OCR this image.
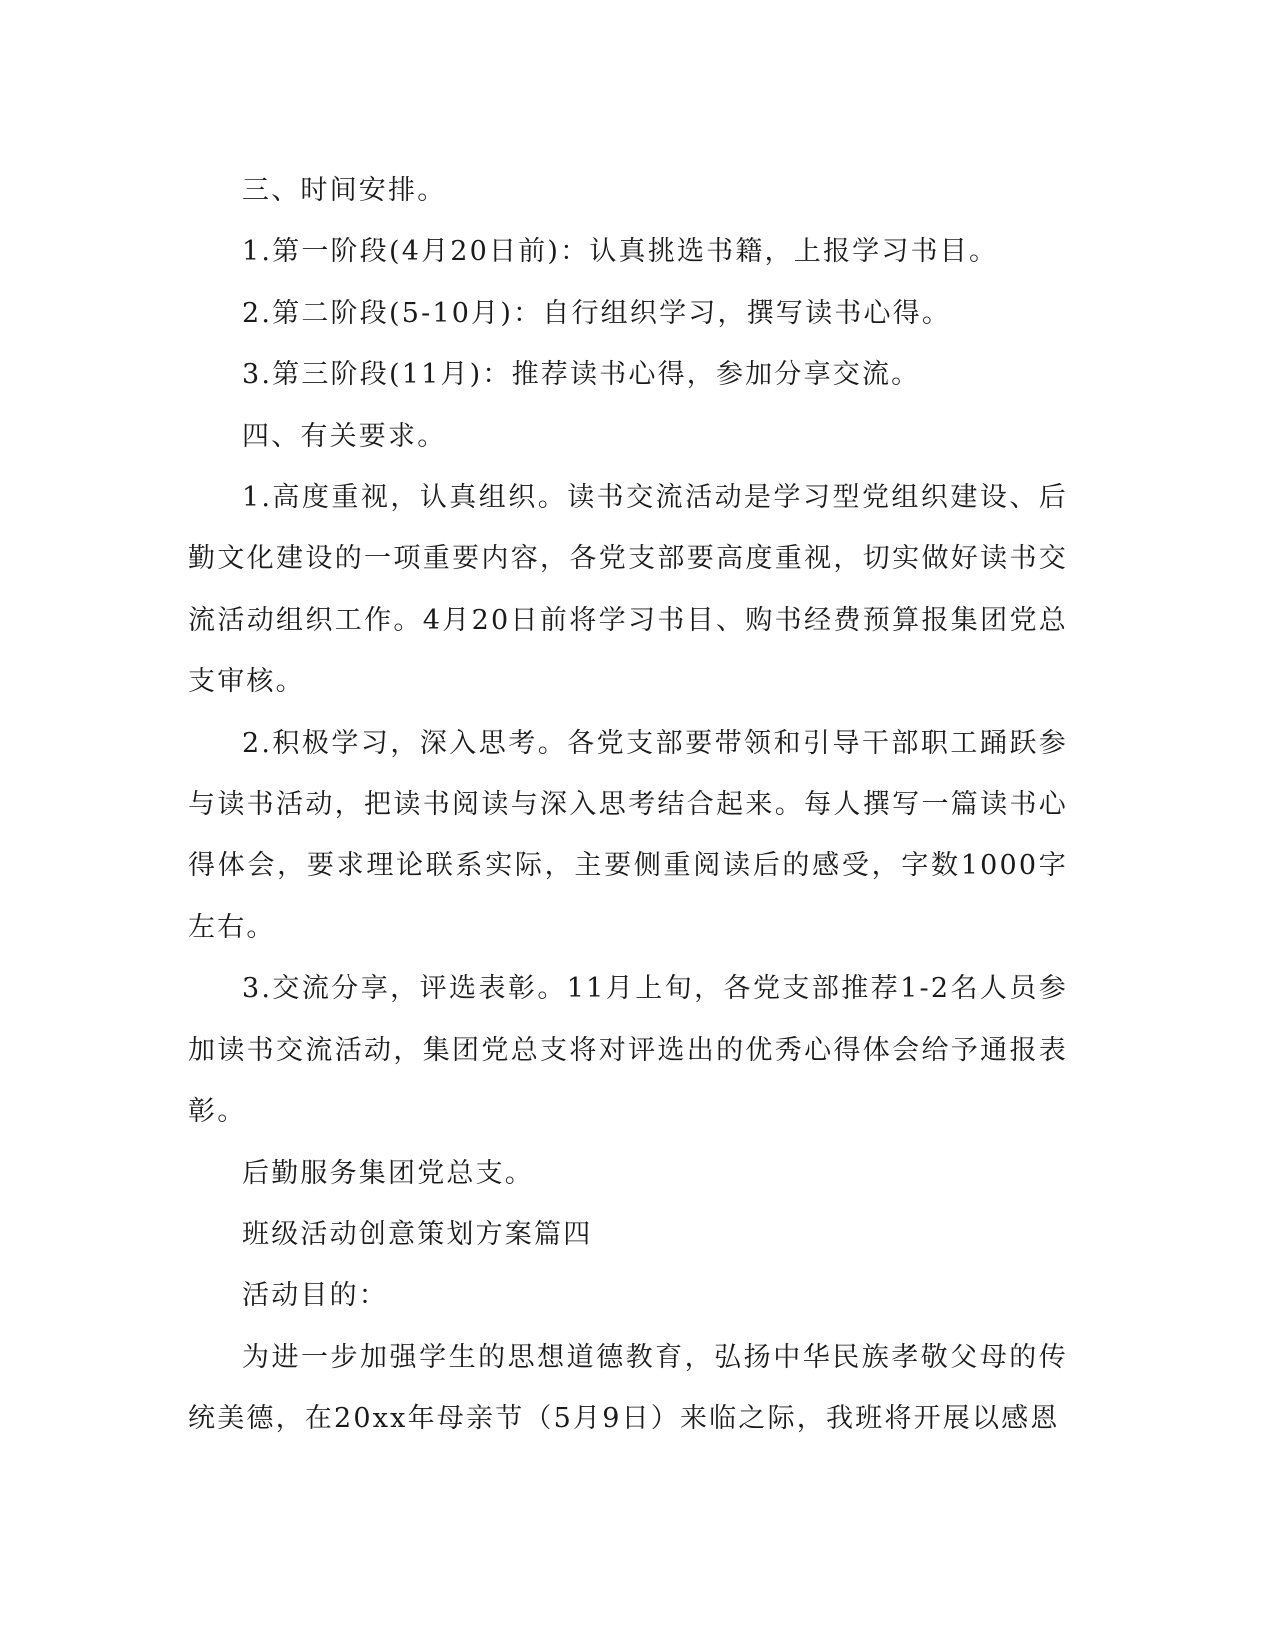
三、时间安排。

1.第一阶段(4月20日前)：认真挑选书籍，上报学习书目。

2.第二阶段(5-10月)：自行组织学习，撰写读书心得。

3.第三阶段(11月)：推荐读书心得，参加分享交流。

四、有关要求。

1.高度重视，认真组织。读书交流活动是学习型党组织建设、后勤文化建设的一项重要内容，各党支部要高度重视，切实做好读书交流活动组织工作。4月20日前将学习书目、购书经费预算报集团党总支审核。

2.积极学习，深入思考。各党支部要带领和引导干部职工踊跃参与读书活动，把读书阅读与深入思考结合起来。每人撰写一篇读书心得体会，要求理论联系实际，主要侧重阅读后的感受，字数1000字左右。

3.交流分享，评选表彰。11月上旬，各党支部推荐1-2名人员参加读书交流活动，集团党总支将对评选出的优秀心得体会给予通报表彰。

后勤服务集团党总支。

班级活动创意策划方案篇四

活动目的：

为进一步加强学生的思想道德教育，弘扬中华民族孝敬父母的传统美德，在20xx年母亲节（5月9日）来临之际，我班将开展以感恩
